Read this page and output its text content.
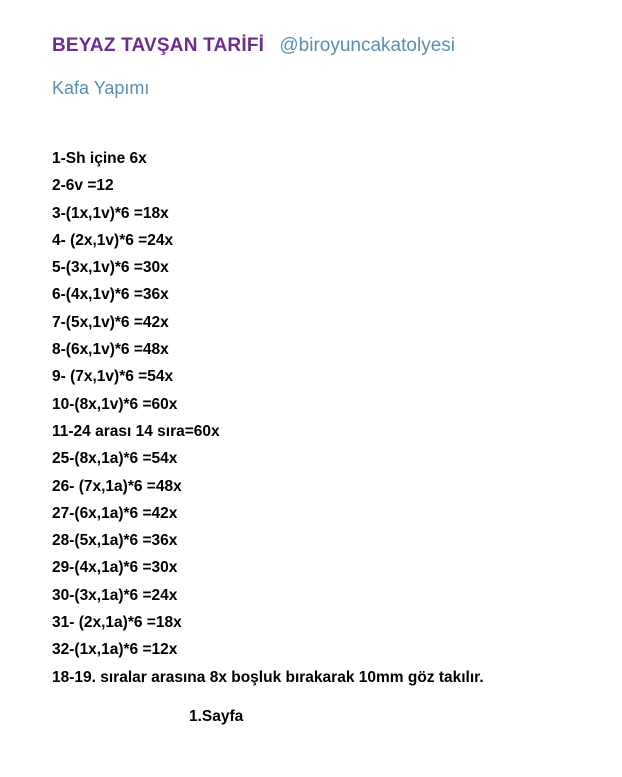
BEYAZ TAVŞAN TARİFİ @biroyuncakatolyesi
Kafa Yapımı
1-Sh içine 6x
2-6v =12
3-(1x,1v)*6 =18x
4- (2x,1v)*6 =24x
5-(3x,1v)*6 =30x
6-(4x,1v)*6 =36x
7-(5x,1v)*6 =42x
8-(6x,1v)*6 =48x
9- (7x,1v)*6 =54x
10-(8x,1v)*6 =60x
11-24 arası 14 sıra=60x
25-(8x,1a)*6 =54x
26- (7x,1a)*6 =48x
27-(6x,1a)*6 =42x
28-(5x,1a)*6 =36x
29-(4x,1a)*6 =30x
30-(3x,1a)*6 =24x
31- (2x,1a)*6 =18x
32-(1x,1a)*6 =12x
18-19. sıralar arasına 8x boşluk bırakarak 10mm göz takılır.
1.Sayfa
